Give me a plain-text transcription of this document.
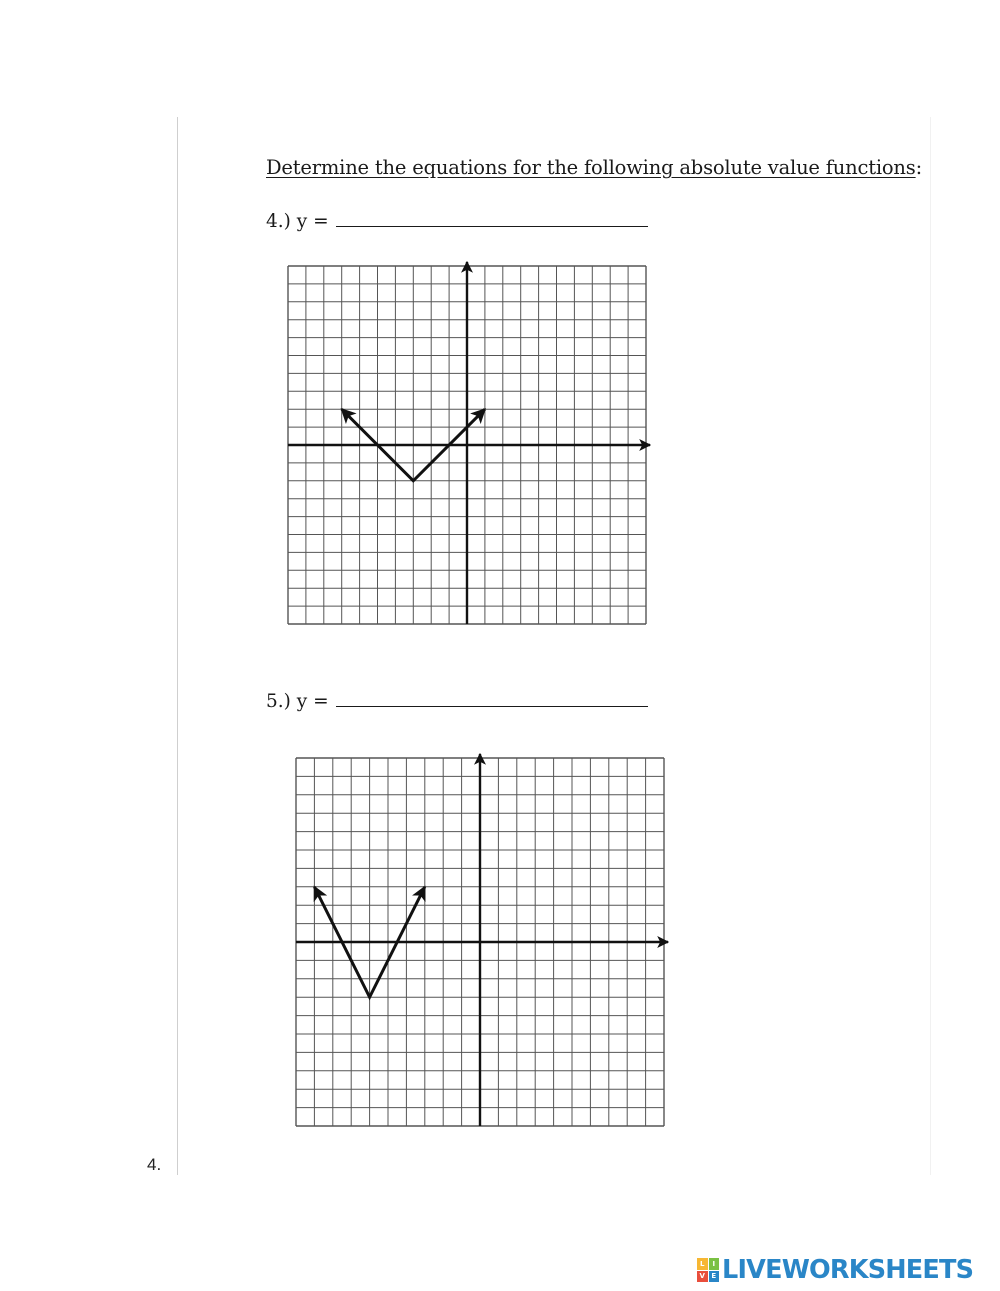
Determine the equations for the following absolute value functions:
4.) y =
5.) y =
4.
L	I
V E LIVEWORKSHEETS
